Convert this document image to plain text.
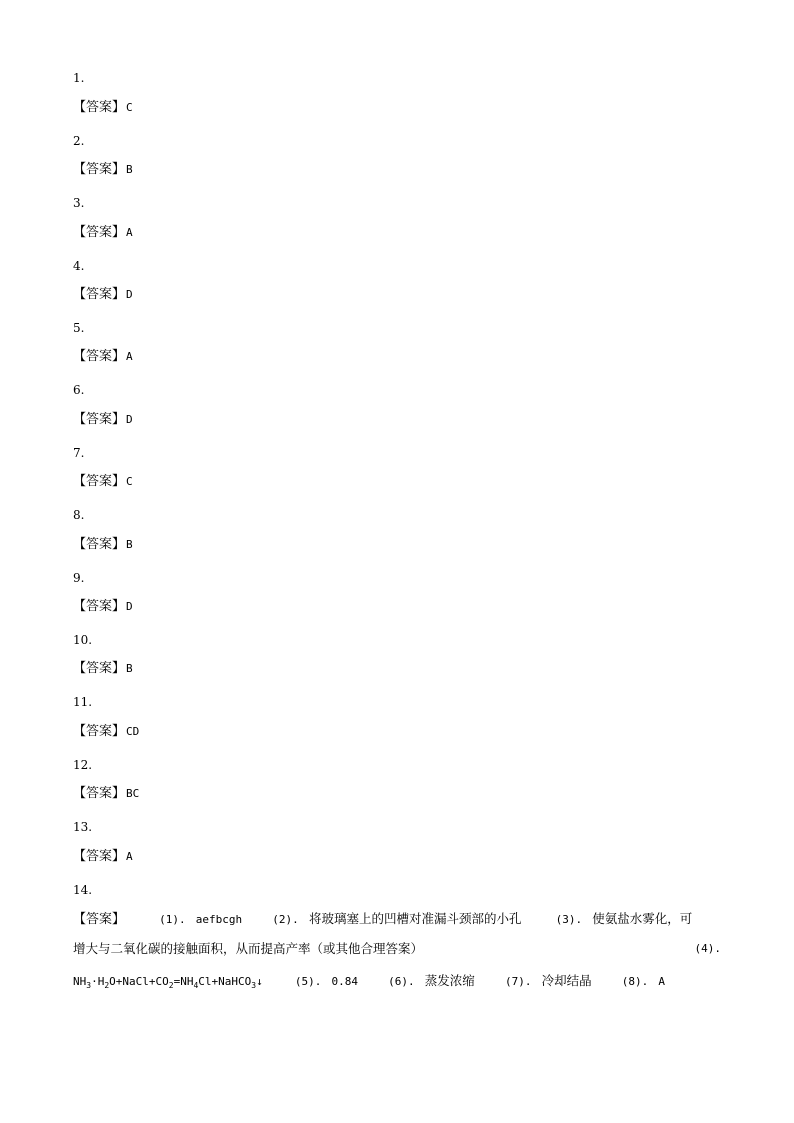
1.
【答案】C
2.
【答案】B
3.
【答案】A
4.
【答案】D
5.
【答案】A
6.
【答案】D
7.
【答案】C
8.
【答案】B
9.
【答案】D
10.
【答案】B
11.
【答案】CD
12.
【答案】BC
13.
【答案】A
14.
【答案】	(1). aefbcgh	(2). 将玻璃塞上的凹槽对准漏斗颈部的小孔	(3). 使氨盐水雾化，可
增大与二氧化碳的接触面积，从而提高产率（或其他合理答案）	(4).
$NH_3\cdot H_2O+NaCl+CO_2=NH_4Cl+NaHCO_3↓$	(5). 0.84	(6). 蒸发浓缩	(7). 冷却结晶	(8). A
